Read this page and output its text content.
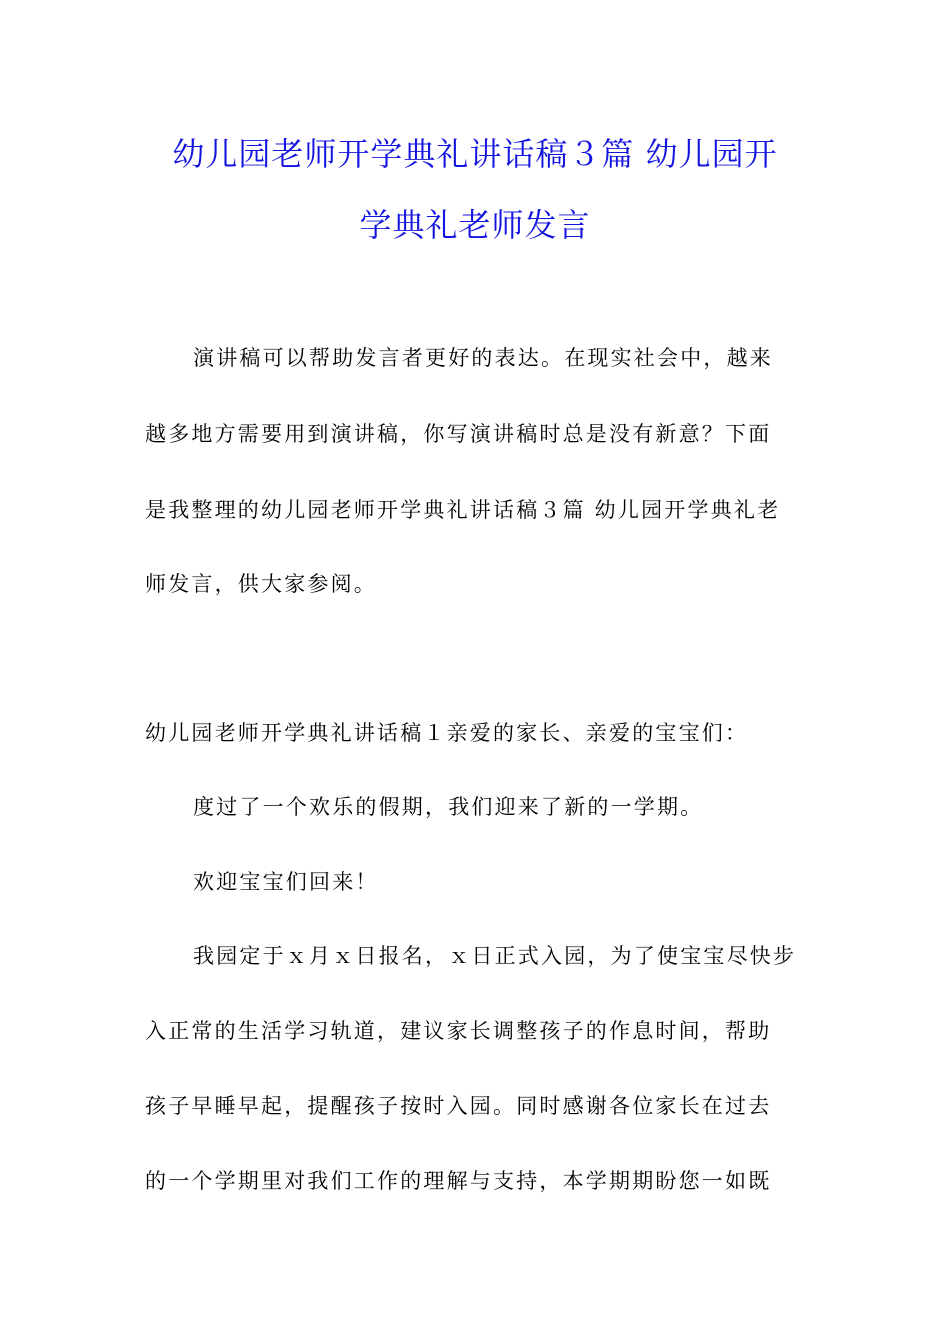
幼儿园老师开学典礼讲话稿３篇 幼儿园开
学典礼老师发言
演讲稿可以帮助发言者更好的表达。在现实社会中，越来
越多地方需要用到演讲稿，你写演讲稿时总是没有新意？下面
是我整理的幼儿园老师开学典礼讲话稿３篇 幼儿园开学典礼老
师发言，供大家参阅。
幼儿园老师开学典礼讲话稿１亲爱的家长、亲爱的宝宝们：
度过了一个欢乐的假期，我们迎来了新的一学期。
欢迎宝宝们回来！
我园定于ｘ月ｘ日报名，ｘ日正式入园，为了使宝宝尽快步
入正常的生活学习轨道，建议家长调整孩子的作息时间，帮助
孩子早睡早起，提醒孩子按时入园。同时感谢各位家长在过去
的一个学期里对我们工作的理解与支持，本学期期盼您一如既
